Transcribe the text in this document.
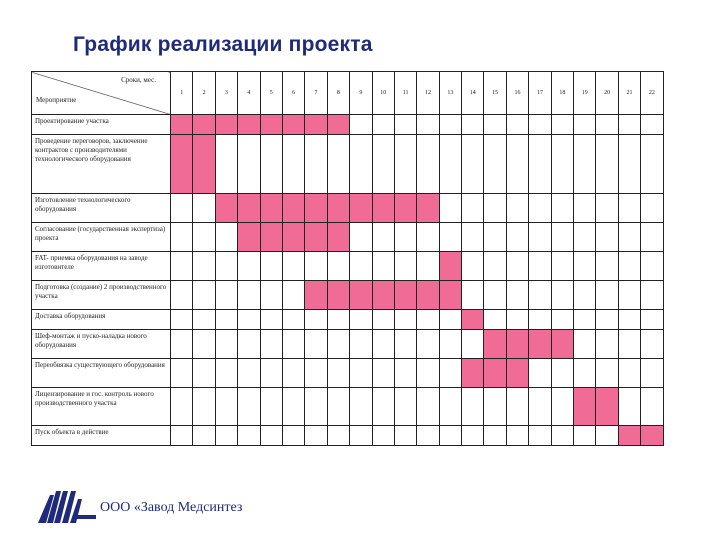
График реализации проекта
Сроки, мес.
Мероприятие	1	2	3	4	5	6	7	8	9	10	11	12	13	14	15	16	17	18	19	20	21	22
Проектирование участка																						
Проведение переговоров, заключение контрактов с производителями технологического оборудования																						
Изготовление технологического оборудования																						
Согласование (государственная экспертиза) проекта																						
FAT- приемка оборудования на заводе изготовителе																						
Подготовка (создание) 2 производственного участка																						
Доставка оборудования																						
Шеф-монтаж и пуско-наладка нового оборудования																						
Переобвязка существующего оборудования																						
Лицензирование и гос. контроль нового производственного участка																						
Пуск объекта в действие																						
ООО «Завод Медсинтез
